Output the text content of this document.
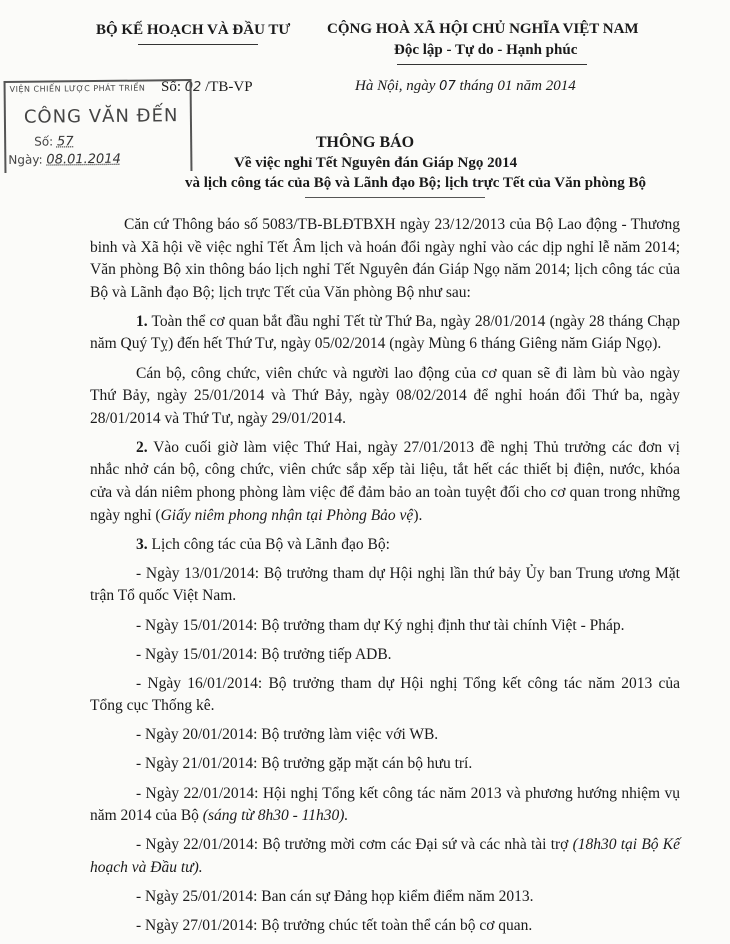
BỘ KẾ HOẠCH VÀ ĐẦU TƯ CỘNG HOÀ XÃ HỘI CHỦ NGHĨA VIỆT NAM
Độc lập - Tự do - Hạnh phúc
Số: 02 /TB-VP	Hà Nội, ngày 07 tháng 01 năm 2014
VIỆN CHIẾN LƯỢC PHÁT TRIỂN
CÔNG VĂN ĐẾN
Số: 57
Ngày: 08.01.2014
THÔNG BÁO
Về việc nghỉ Tết Nguyên đán Giáp Ngọ 2014
và lịch công tác của Bộ và Lãnh đạo Bộ; lịch trực Tết của Văn phòng Bộ

Căn cứ Thông báo số 5083/TB-BLĐTBXH ngày 23/12/2013 của Bộ Lao động - Thương binh và Xã hội về việc nghỉ Tết Âm lịch và hoán đổi ngày nghỉ vào các dịp nghỉ lễ năm 2014; Văn phòng Bộ xin thông báo lịch nghỉ Tết Nguyên đán Giáp Ngọ năm 2014; lịch công tác của Bộ và Lãnh đạo Bộ; lịch trực Tết của Văn phòng Bộ như sau:

1. Toàn thể cơ quan bắt đầu nghỉ Tết từ Thứ Ba, ngày 28/01/2014 (ngày 28 tháng Chạp năm Quý Tỵ) đến hết Thứ Tư, ngày 05/02/2014 (ngày Mùng 6 tháng Giêng năm Giáp Ngọ).

Cán bộ, công chức, viên chức và người lao động của cơ quan sẽ đi làm bù vào ngày Thứ Bảy, ngày 25/01/2014 và Thứ Bảy, ngày 08/02/2014 để nghỉ hoán đổi Thứ ba, ngày 28/01/2014 và Thứ Tư, ngày 29/01/2014.

2. Vào cuối giờ làm việc Thứ Hai, ngày 27/01/2013 đề nghị Thủ trưởng các đơn vị nhắc nhở cán bộ, công chức, viên chức sắp xếp tài liệu, tắt hết các thiết bị điện, nước, khóa cửa và dán niêm phong phòng làm việc để đảm bảo an toàn tuyệt đối cho cơ quan trong những ngày nghỉ (Giấy niêm phong nhận tại Phòng Bảo vệ).

3. Lịch công tác của Bộ và Lãnh đạo Bộ:

- Ngày 13/01/2014: Bộ trưởng tham dự Hội nghị lần thứ bảy Ủy ban Trung ương Mặt trận Tổ quốc Việt Nam.

- Ngày 15/01/2014: Bộ trưởng tham dự Ký nghị định thư tài chính Việt - Pháp.

- Ngày 15/01/2014: Bộ trưởng tiếp ADB.

- Ngày 16/01/2014: Bộ trưởng tham dự Hội nghị Tổng kết công tác năm 2013 của Tổng cục Thống kê.

- Ngày 20/01/2014: Bộ trưởng làm việc với WB.

- Ngày 21/01/2014: Bộ trưởng gặp mặt cán bộ hưu trí.

- Ngày 22/01/2014: Hội nghị Tổng kết công tác năm 2013 và phương hướng nhiệm vụ năm 2014 của Bộ (sáng từ 8h30 - 11h30).

- Ngày 22/01/2014: Bộ trưởng mời cơm các Đại sứ và các nhà tài trợ (18h30 tại Bộ Kế hoạch và Đầu tư).

- Ngày 25/01/2014: Ban cán sự Đảng họp kiểm điểm năm 2013.

- Ngày 27/01/2014: Bộ trưởng chúc tết toàn thể cán bộ cơ quan.
